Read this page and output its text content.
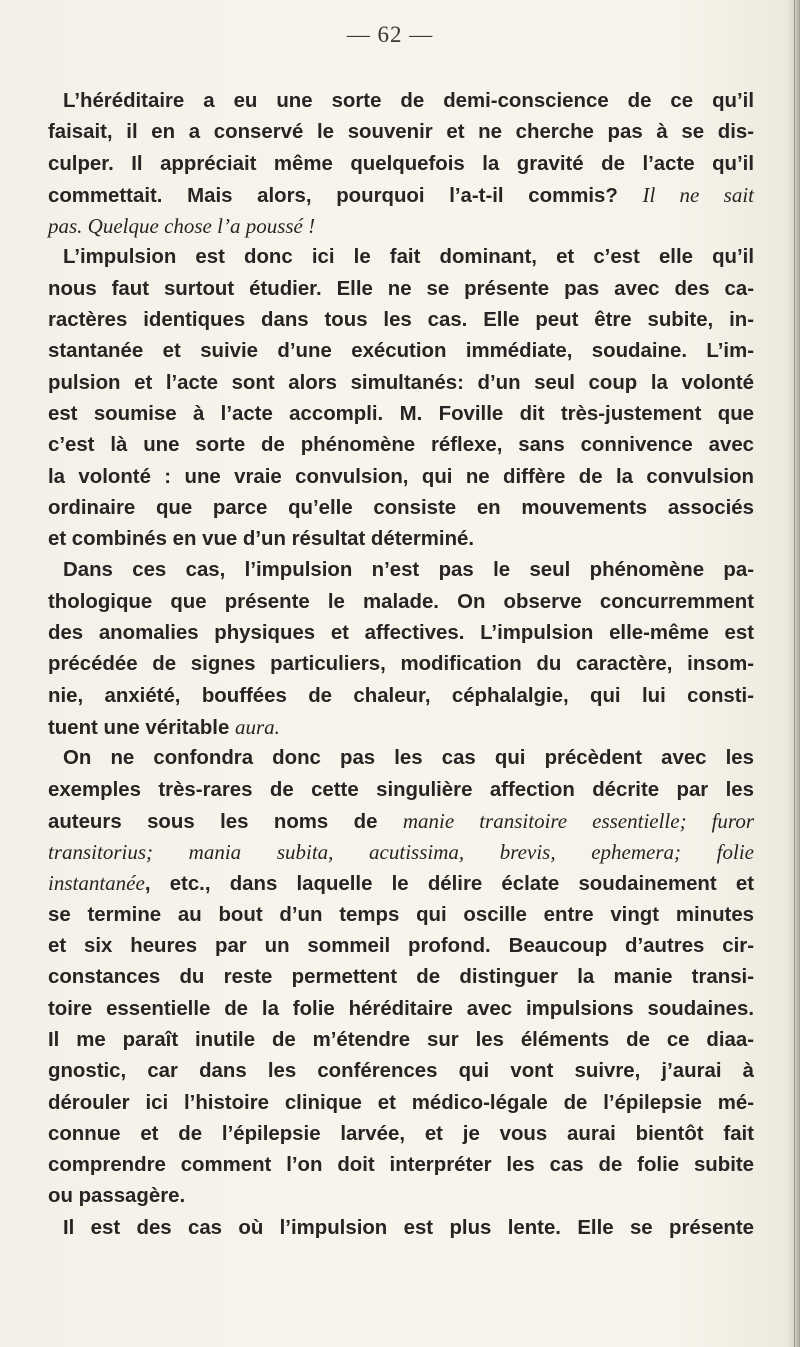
— 62 —
L’héréditaire a eu une sorte de demi-conscience de ce qu’il
faisait, il en a conservé le souvenir et ne cherche pas à se dis-
culper. Il appréciait même quelquefois la gravité de l’acte qu’il
commettait. Mais alors, pourquoi l’a-t-il commis? Il ne sait
pas. Quelque chose l’a poussé !
L’impulsion est donc ici le fait dominant, et c’est elle qu’il
nous faut surtout étudier. Elle ne se présente pas avec des ca-
ractères identiques dans tous les cas. Elle peut être subite, in-
stantanée et suivie d’une exécution immédiate, soudaine. L’im-
pulsion et l’acte sont alors simultanés: d’un seul coup la volonté
est soumise à l’acte accompli. M. Foville dit très-justement que
c’est là une sorte de phénomène réflexe, sans connivence avec
la volonté : une vraie convulsion, qui ne diffère de la convulsion
ordinaire que parce qu’elle consiste en mouvements associés
et combinés en vue d’un résultat déterminé.
Dans ces cas, l’impulsion n’est pas le seul phénomène pa-
thologique que présente le malade. On observe concurremment
des anomalies physiques et affectives. L’impulsion elle-même est
précédée de signes particuliers, modification du caractère, insom-
nie, anxiété, bouffées de chaleur, céphalalgie, qui lui consti-
tuent une véritable aura.
On ne confondra donc pas les cas qui précèdent avec les
exemples très-rares de cette singulière affection décrite par les
auteurs sous les noms de manie transitoire essentielle; furor
transitorius; mania subita, acutissima, brevis, ephemera; folie
instantanée, etc., dans laquelle le délire éclate soudainement et
se termine au bout d’un temps qui oscille entre vingt minutes
et six heures par un sommeil profond. Beaucoup d’autres cir-
constances du reste permettent de distinguer la manie transi-
toire essentielle de la folie héréditaire avec impulsions soudaines.
Il me paraît inutile de m’étendre sur les éléments de ce diaa-
gnostic, car dans les conférences qui vont suivre, j’aurai à
dérouler ici l’histoire clinique et médico-légale de l’épilepsie mé-
connue et de l’épilepsie larvée, et je vous aurai bientôt fait
comprendre comment l’on doit interpréter les cas de folie subite
ou passagère.
Il est des cas où l’impulsion est plus lente. Elle se présente
